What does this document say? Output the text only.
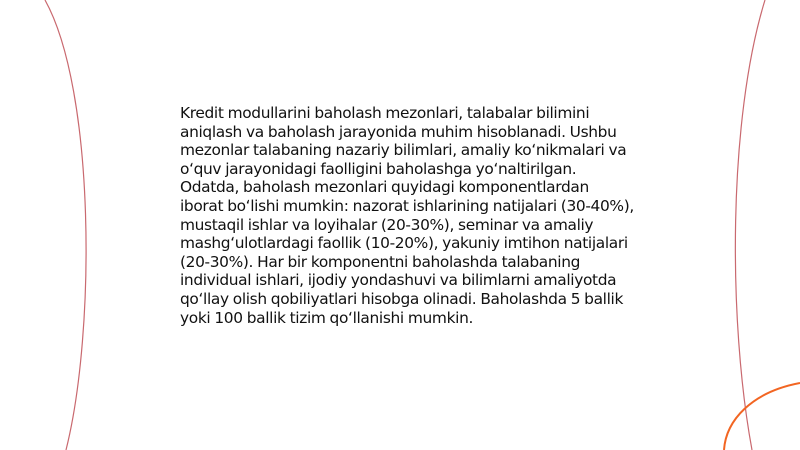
Kredit modullarini baholash mezonlari, talabalar bilimini aniqlash va baholash jarayonida muhim hisoblanadi. Ushbu mezonlar talabaning nazariy bilimlari, amaliy koʻnikmalari va oʻquv jarayonidagi faolligini baholashga yoʻnaltirilgan. Odatda, baholash mezonlari quyidagi komponentlardan iborat boʻlishi mumkin: nazorat ishlarining natijalari (30-40%), mustaqil ishlar va loyihalar (20-30%), seminar va amaliy mashgʻulotlardagi faollik (10-20%), yakuniy imtihon natijalari (20-30%). Har bir komponentni baholashda talabaning individual ishlari, ijodiy yondashuvi va bilimlarni amaliyotda qoʻllay olish qobiliyatlari hisobga olinadi. Baholashda 5 ballik yoki 100 ballik tizim qoʻllanishi mumkin.
